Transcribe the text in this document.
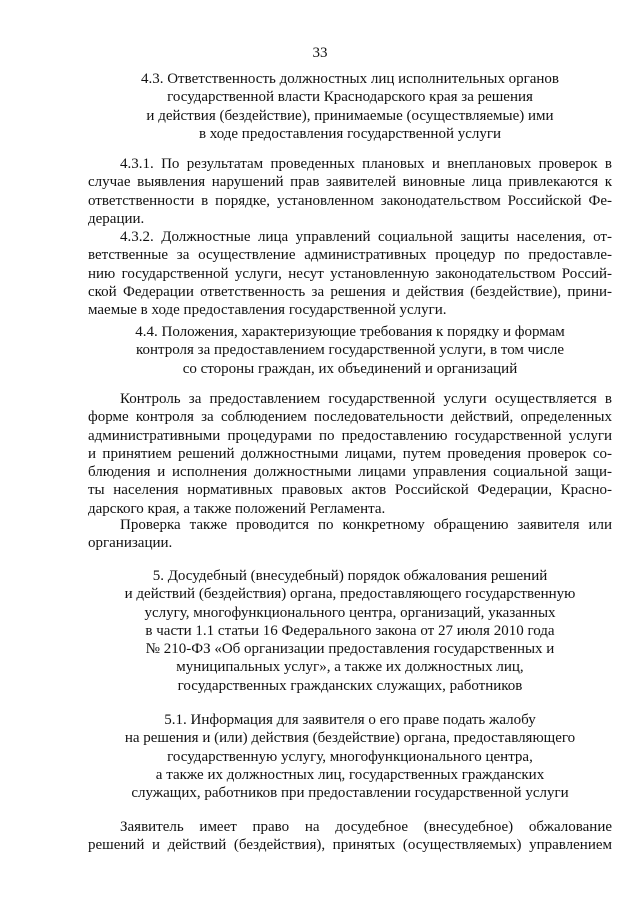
33
4.3. Ответственность должностных лиц исполнительных органов
государственной власти Краснодарского края за решения
и действия (бездействие), принимаемые (осуществляемые) ими
в ходе предоставления государственной услуги
4.3.1. По результатам проведенных плановых и внеплановых проверок в
случае выявления нарушений прав заявителей виновные лица привлекаются к
ответственности в порядке, установленном законодательством Российской Фе-
дерации.
4.3.2. Должностные лица управлений социальной защиты населения, от-
ветственные за осуществление административных процедур по предоставле-
нию государственной услуги, несут установленную законодательством Россий-
ской Федерации ответственность за решения и действия (бездействие), прини-
маемые в ходе предоставления государственной услуги.
4.4. Положения, характеризующие требования к порядку и формам
контроля за предоставлением государственной услуги, в том числе
со стороны граждан, их объединений и организаций
Контроль за предоставлением государственной услуги осуществляется в
форме контроля за соблюдением последовательности действий, определенных
административными процедурами по предоставлению государственной услуги
и принятием решений должностными лицами, путем проведения проверок со-
блюдения и исполнения должностными лицами управления социальной защи-
ты населения нормативных правовых актов Российской Федерации, Красно-
дарского края, а также положений Регламента.
Проверка также проводится по конкретному обращению заявителя или
организации.
5. Досудебный (внесудебный) порядок обжалования решений
и действий (бездействия) органа, предоставляющего государственную
услугу, многофункционального центра, организаций, указанных
в части 1.1 статьи 16 Федерального закона от 27 июля 2010 года
№ 210-ФЗ «Об организации предоставления государственных и
муниципальных услуг», а также их должностных лиц,
государственных гражданских служащих, работников
5.1. Информация для заявителя о его праве подать жалобу
на решения и (или) действия (бездействие) органа, предоставляющего
государственную услугу, многофункционального центра,
а также их должностных лиц, государственных гражданских
служащих, работников при предоставлении государственной услуги
Заявитель имеет право на досудебное (внесудебное) обжалование
решений и действий (бездействия), принятых (осуществляемых) управлением
